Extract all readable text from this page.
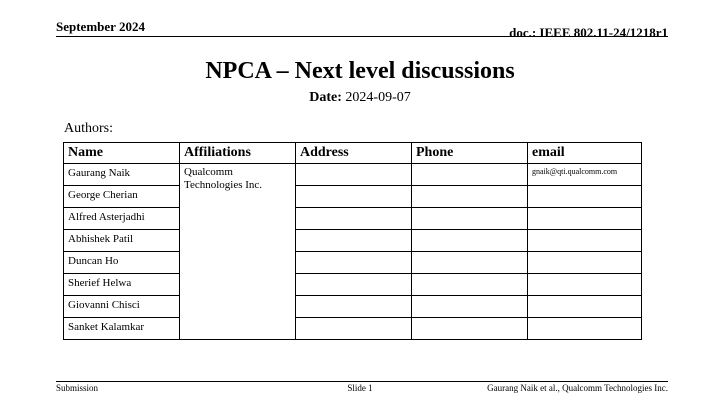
September 2024	doc.: IEEE 802.11-24/1218r1
NPCA – Next level discussions
Date: 2024-09-07
Authors:
Name	Affiliations	Address	Phone	email
Gaurang Naik	Qualcomm Technologies Inc.			gnaik@qti.qualcomm.com
George Cherian				
Alfred Asterjadhi				
Abhishek Patil				
Duncan Ho				
Sherief Helwa				
Giovanni Chisci				
Sanket Kalamkar				
Submission	Slide 1	Gaurang Naik et al., Qualcomm Technologies Inc.
